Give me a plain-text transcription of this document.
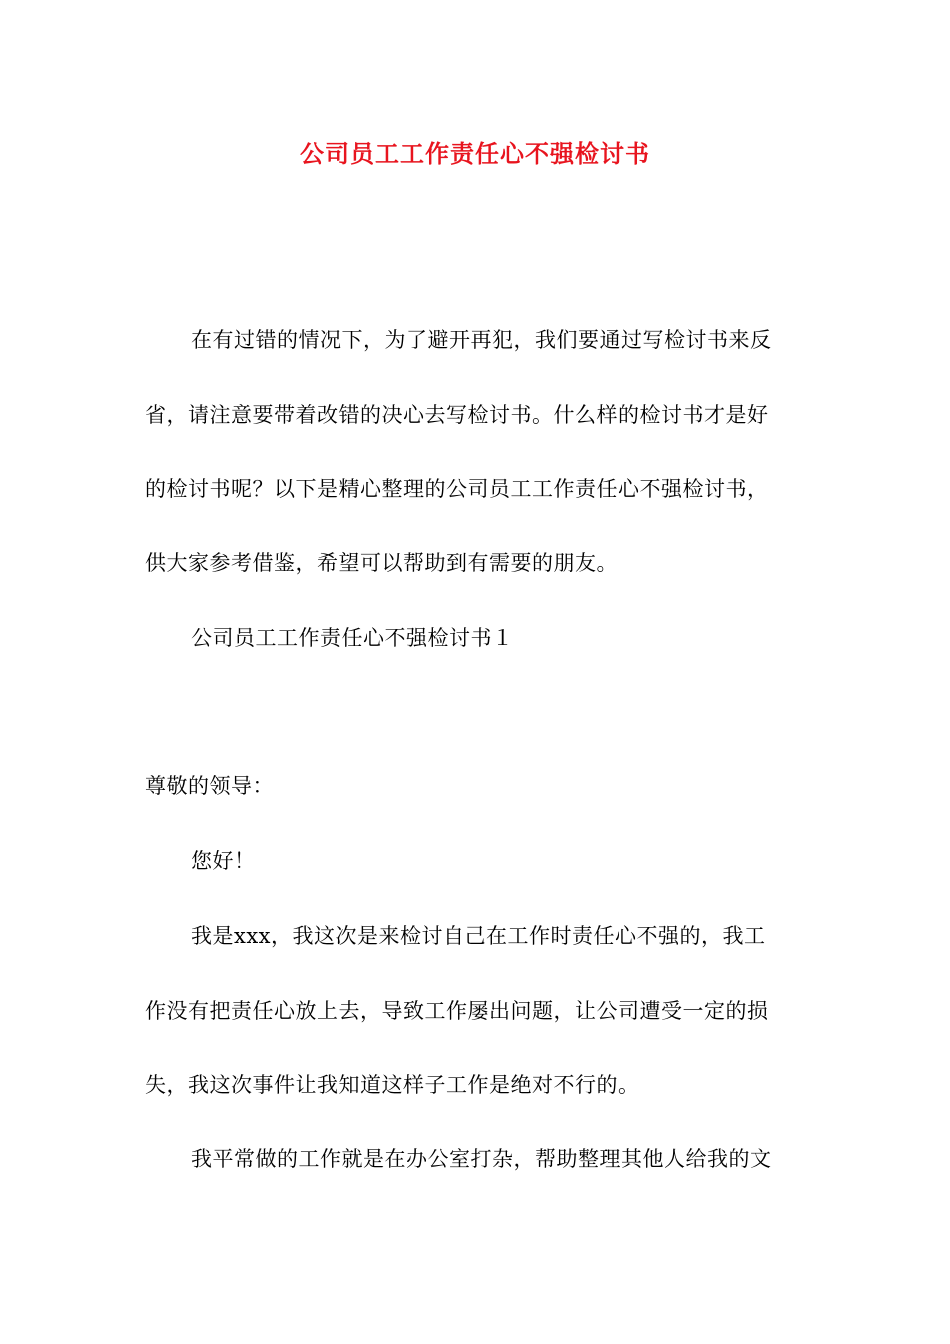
公司员工工作责任心不强检讨书

在有过错的情况下，为了避开再犯，我们要通过写检讨书来反

省，请注意要带着改错的决心去写检讨书。什么样的检讨书才是好

的检讨书呢？以下是精心整理的公司员工工作责任心不强检讨书，

供大家参考借鉴，希望可以帮助到有需要的朋友。

公司员工工作责任心不强检讨书１

尊敬的领导：

您好！

我是xxx，我这次是来检讨自己在工作时责任心不强的，我工

作没有把责任心放上去，导致工作屡出问题，让公司遭受一定的损

失，我这次事件让我知道这样子工作是绝对不行的。

我平常做的工作就是在办公室打杂，帮助整理其他人给我的文
